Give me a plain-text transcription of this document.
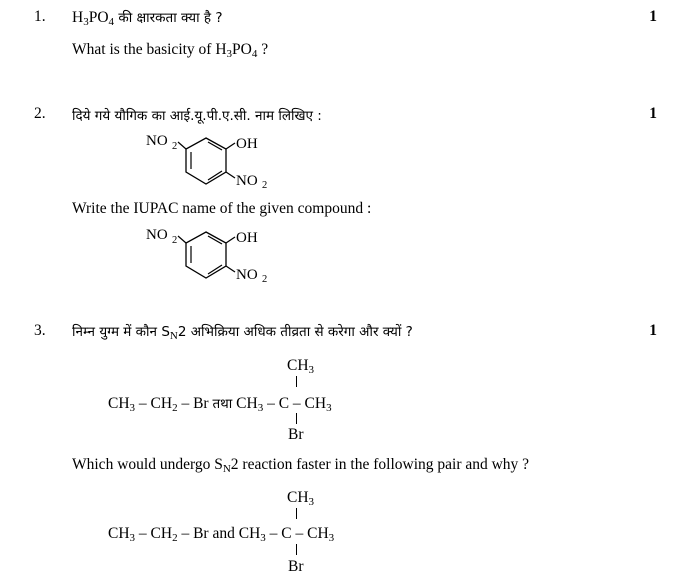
1.	1
$H_3PO_4$ की क्षारकता क्या है ?
What is the basicity of $H_3PO_4$ ?
2.	1
दिये गये यौगिक का आई.यू.पी.ए.सी. नाम लिखिए :
NO 2	OH
NO 2
Write the IUPAC name of the given compound :
NO 2	OH
NO 2
3.	1
निम्न युग्म में कौन $S_N2$ अभिक्रिया अधिक तीव्रता से करेगा और क्यों ?
$CH_3$
$CH_3 - CH_2$ – Br तथा $CH_3$ – C – $CH_3$
Br
Which would undergo $S_N2$ reaction faster in the following pair and why ?
$CH_3$
$CH_3 - CH_2$ – Br and $CH_3$ – C – $CH_3$
Br
